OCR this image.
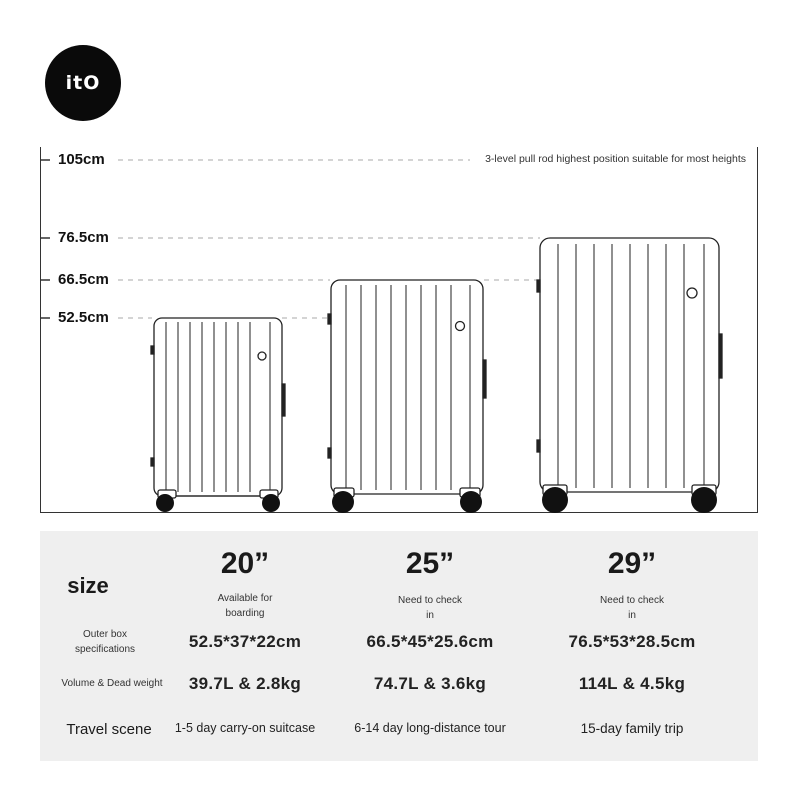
itO
105cm
76.5cm
66.5cm
52.5cm
3-level pull rod highest position suitable for most heights
size
Outer box
specifications
Volume & Dead weight
Travel scene
20”
Available for
boarding
52.5*37*22cm
39.7L & 2.8kg
1-5 day carry-on suitcase
25”
Need to check
in
66.5*45*25.6cm
74.7L & 3.6kg
6-14 day long-distance tour
29”
Need to check
in
76.5*53*28.5cm
114L & 4.5kg
15-day family trip
